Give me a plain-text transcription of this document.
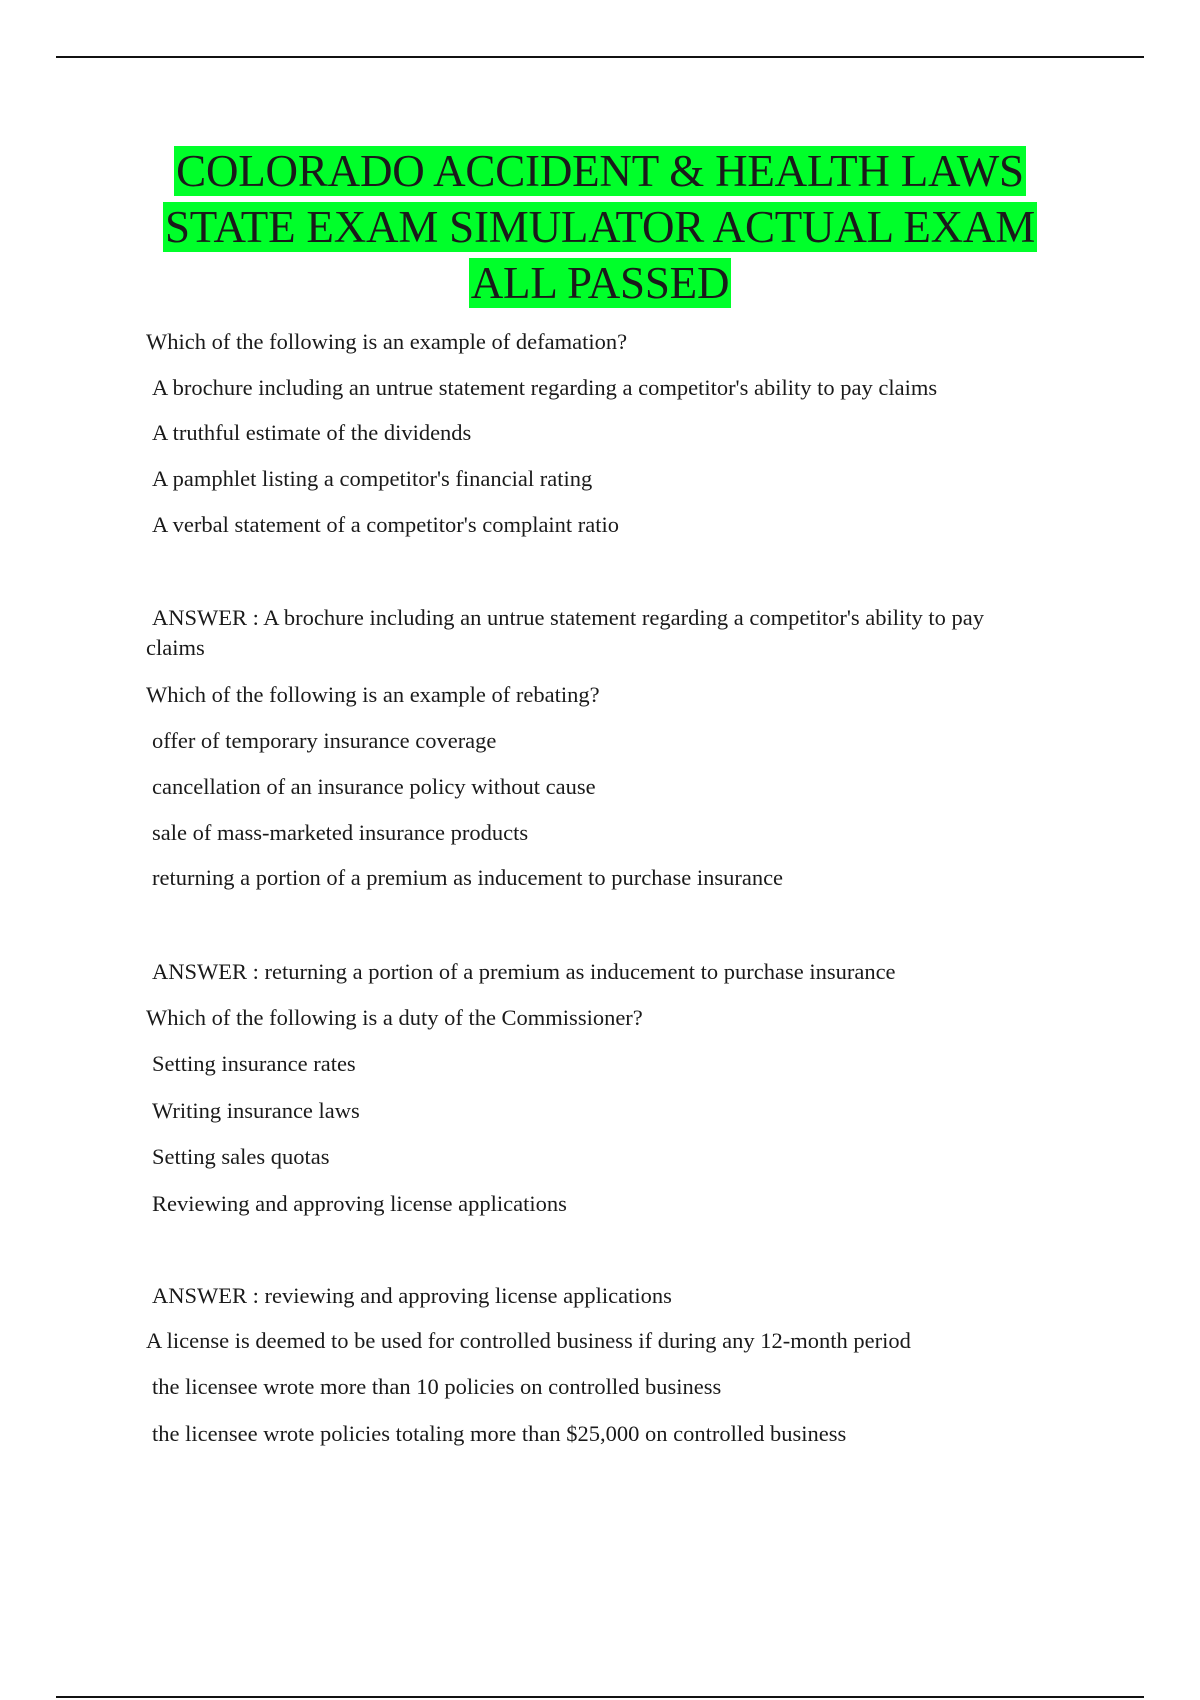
COLORADO ACCIDENT & HEALTH LAWS
STATE EXAM SIMULATOR ACTUAL EXAM
ALL PASSED
Which of the following is an example of defamation?
A brochure including an untrue statement regarding a competitor's ability to pay claims
A truthful estimate of the dividends
A pamphlet listing a competitor's financial rating
A verbal statement of a competitor's complaint ratio
ANSWER : A brochure including an untrue statement regarding a competitor's ability to pay
claims
Which of the following is an example of rebating?
offer of temporary insurance coverage
cancellation of an insurance policy without cause
sale of mass-marketed insurance products
returning a portion of a premium as inducement to purchase insurance
ANSWER : returning a portion of a premium as inducement to purchase insurance
Which of the following is a duty of the Commissioner?
Setting insurance rates
Writing insurance laws
Setting sales quotas
Reviewing and approving license applications
ANSWER : reviewing and approving license applications
A license is deemed to be used for controlled business if during any 12-month period
the licensee wrote more than 10 policies on controlled business
the licensee wrote policies totaling more than $25,000 on controlled business
